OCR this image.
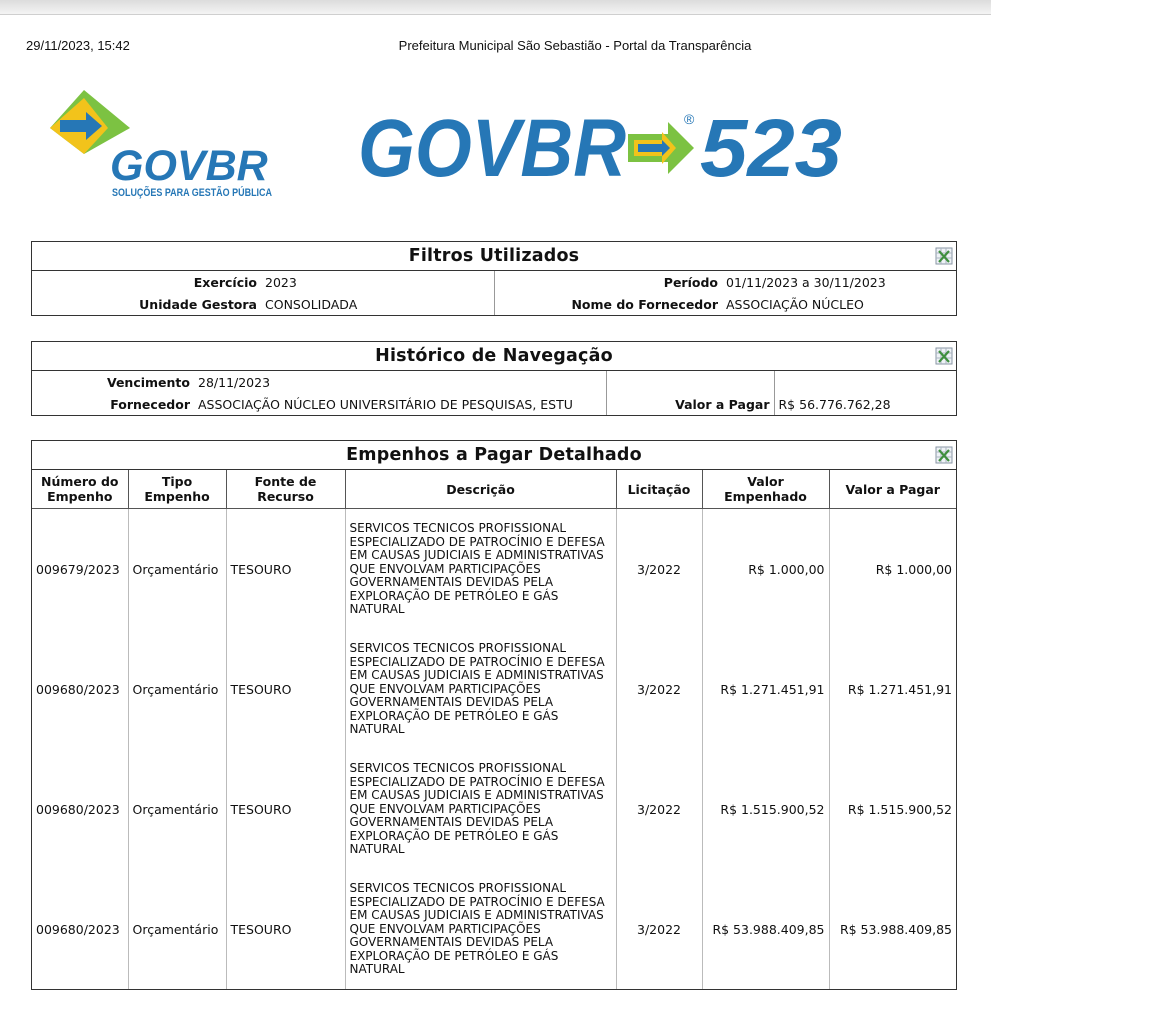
29/11/2023, 15:42	Prefeitura Municipal São Sebastião - Portal da Transparência
GOVBR
SOLUÇÕES PARA GESTÃO PÚBLICA GOVBR	® 523
Filtros Utilizados
Exercício	2023	Período	01/11/2023 a 30/11/2023
Unidade Gestora	CONSOLIDADA	Nome do Fornecedor	ASSOCIAÇÃO NÚCLEO
Histórico de Navegação
Vencimento	28/11/2023		
Fornecedor	ASSOCIAÇÃO NÚCLEO UNIVERSITÁRIO DE PESQUISAS, ESTU	Valor a Pagar	R$ 56.776.762,28
Empenhos a Pagar Detalhado
Número do Empenho	Tipo Empenho	Fonte de Recurso	Descrição	Licitação	Valor Empenhado	Valor a Pagar
009679/2023	Orçamentário	TESOURO	SERVICOS TECNICOS PROFISSIONAL ESPECIALIZADO DE PATROCÍNIO E DEFESA EM CAUSAS JUDICIAIS E ADMINISTRATIVAS QUE ENVOLVAM PARTICIPAÇÕES GOVERNAMENTAIS DEVIDAS PELA EXPLORAÇÃO DE PETRÓLEO E GÁS NATURAL	3/2022	R$ 1.000,00	R$ 1.000,00
009680/2023	Orçamentário	TESOURO	SERVICOS TECNICOS PROFISSIONAL ESPECIALIZADO DE PATROCÍNIO E DEFESA EM CAUSAS JUDICIAIS E ADMINISTRATIVAS QUE ENVOLVAM PARTICIPAÇÕES GOVERNAMENTAIS DEVIDAS PELA EXPLORAÇÃO DE PETRÓLEO E GÁS NATURAL	3/2022	R$ 1.271.451,91	R$ 1.271.451,91
009680/2023	Orçamentário	TESOURO	SERVICOS TECNICOS PROFISSIONAL ESPECIALIZADO DE PATROCÍNIO E DEFESA EM CAUSAS JUDICIAIS E ADMINISTRATIVAS QUE ENVOLVAM PARTICIPAÇÕES GOVERNAMENTAIS DEVIDAS PELA EXPLORAÇÃO DE PETRÓLEO E GÁS NATURAL	3/2022	R$ 1.515.900,52	R$ 1.515.900,52
009680/2023	Orçamentário	TESOURO	SERVICOS TECNICOS PROFISSIONAL ESPECIALIZADO DE PATROCÍNIO E DEFESA EM CAUSAS JUDICIAIS E ADMINISTRATIVAS QUE ENVOLVAM PARTICIPAÇÕES GOVERNAMENTAIS DEVIDAS PELA EXPLORAÇÃO DE PETRÓLEO E GÁS NATURAL	3/2022	R$ 53.988.409,85	R$ 53.988.409,85
